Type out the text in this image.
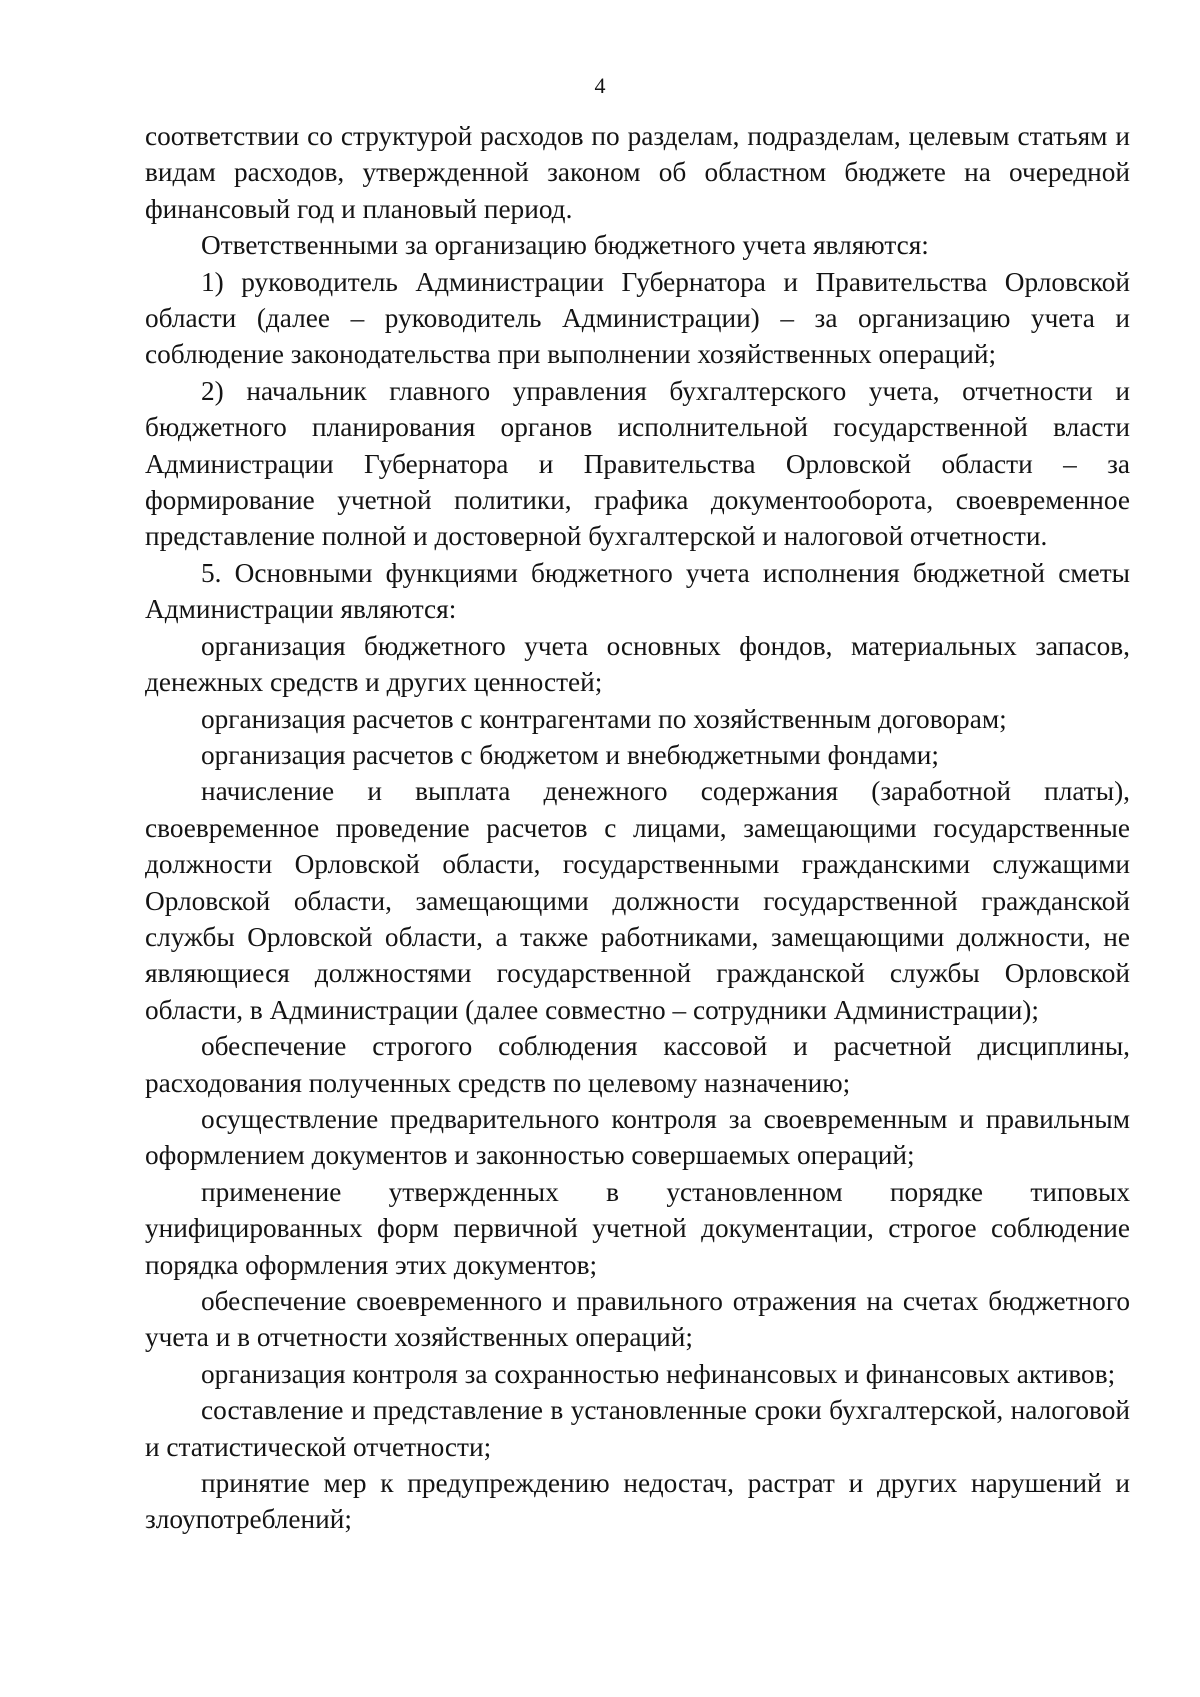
4

соответствии со структурой расходов по разделам, подразделам, целевым статьям и видам расходов, утвержденной законом об областном бюджете на очередной финансовый год и плановый период.

Ответственными за организацию бюджетного учета являются:

1) руководитель Администрации Губернатора и Правительства Орловской области (далее – руководитель Администрации) – за организацию учета и соблюдение законодательства при выполнении хозяйственных операций;

2) начальник главного управления бухгалтерского учета, отчетности и бюджетного планирования органов исполнительной государственной власти Администрации Губернатора и Правительства Орловской области – за формирование учетной политики, графика документооборота, своевременное представление полной и достоверной бухгалтерской и налоговой отчетности.

5. Основными функциями бюджетного учета исполнения бюджетной сметы Администрации являются:

организация бюджетного учета основных фондов, материальных запасов, денежных средств и других ценностей;

организация расчетов с контрагентами по хозяйственным договорам;

организация расчетов с бюджетом и внебюджетными фондами;

начисление и выплата денежного содержания (заработной платы), своевременное проведение расчетов с лицами, замещающими государственные должности Орловской области, государственными гражданскими служащими Орловской области, замещающими должности государственной гражданской службы Орловской области, а также работниками, замещающими должности, не являющиеся должностями государственной гражданской службы Орловской области, в Администрации (далее совместно – сотрудники Администрации);

обеспечение строгого соблюдения кассовой и расчетной дисциплины, расходования полученных средств по целевому назначению;

осуществление предварительного контроля за своевременным и правильным оформлением документов и законностью совершаемых операций;

применение утвержденных в установленном порядке типовых унифицированных форм первичной учетной документации, строгое соблюдение порядка оформления этих документов;

обеспечение своевременного и правильного отражения на счетах бюджетного учета и в отчетности хозяйственных операций;

организация контроля за сохранностью нефинансовых и финансовых активов;

составление и представление в установленные сроки бухгалтерской, налоговой и статистической отчетности;

принятие мер к предупреждению недостач, растрат и других нарушений и злоупотреблений;
